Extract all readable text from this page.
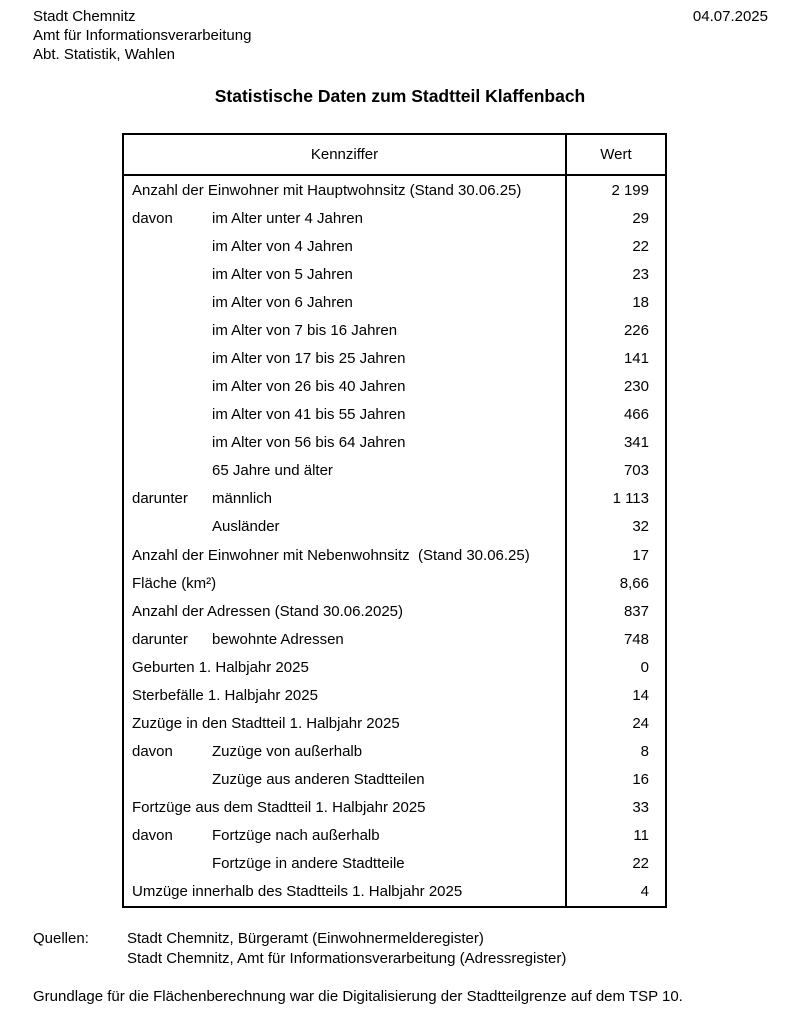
Stadt Chemnitz
Amt für Informationsverarbeitung
Abt. Statistik, Wahlen
04.07.2025
Statistische Daten zum Stadtteil Klaffenbach
Kennziffer	Wert
Anzahl der Einwohner mit Hauptwohnsitz (Stand 30.06.25)	2 199
davon	im Alter unter 4 Jahren	29
im Alter von 4 Jahren	22
im Alter von 5 Jahren	23
im Alter von 6 Jahren	18
im Alter von 7 bis 16 Jahren	226
im Alter von 17 bis 25 Jahren	141
im Alter von 26 bis 40 Jahren	230
im Alter von 41 bis 55 Jahren	466
im Alter von 56 bis 64 Jahren	341
65 Jahre und älter	703
darunter	männlich	1 113
Ausländer	32
Anzahl der Einwohner mit Nebenwohnsitz  (Stand 30.06.25)	17
Fläche (km²)	8,66
Anzahl der Adressen (Stand 30.06.2025)	837
darunter	bewohnte Adressen	748
Geburten 1. Halbjahr 2025	0
Sterbefälle 1. Halbjahr 2025	14
Zuzüge in den Stadtteil 1. Halbjahr 2025	24
davon	Zuzüge von außerhalb	8
Zuzüge aus anderen Stadtteilen	16
Fortzüge aus dem Stadtteil 1. Halbjahr 2025	33
davon	Fortzüge nach außerhalb	11
Fortzüge in andere Stadtteile	22
Umzüge innerhalb des Stadtteils 1. Halbjahr 2025	4
Quellen:	Stadt Chemnitz, Bürgeramt (Einwohnermelderegister)
Stadt Chemnitz, Amt für Informationsverarbeitung (Adressregister)
Grundlage für die Flächenberechnung war die Digitalisierung der Stadtteilgrenze auf dem TSP 10.
